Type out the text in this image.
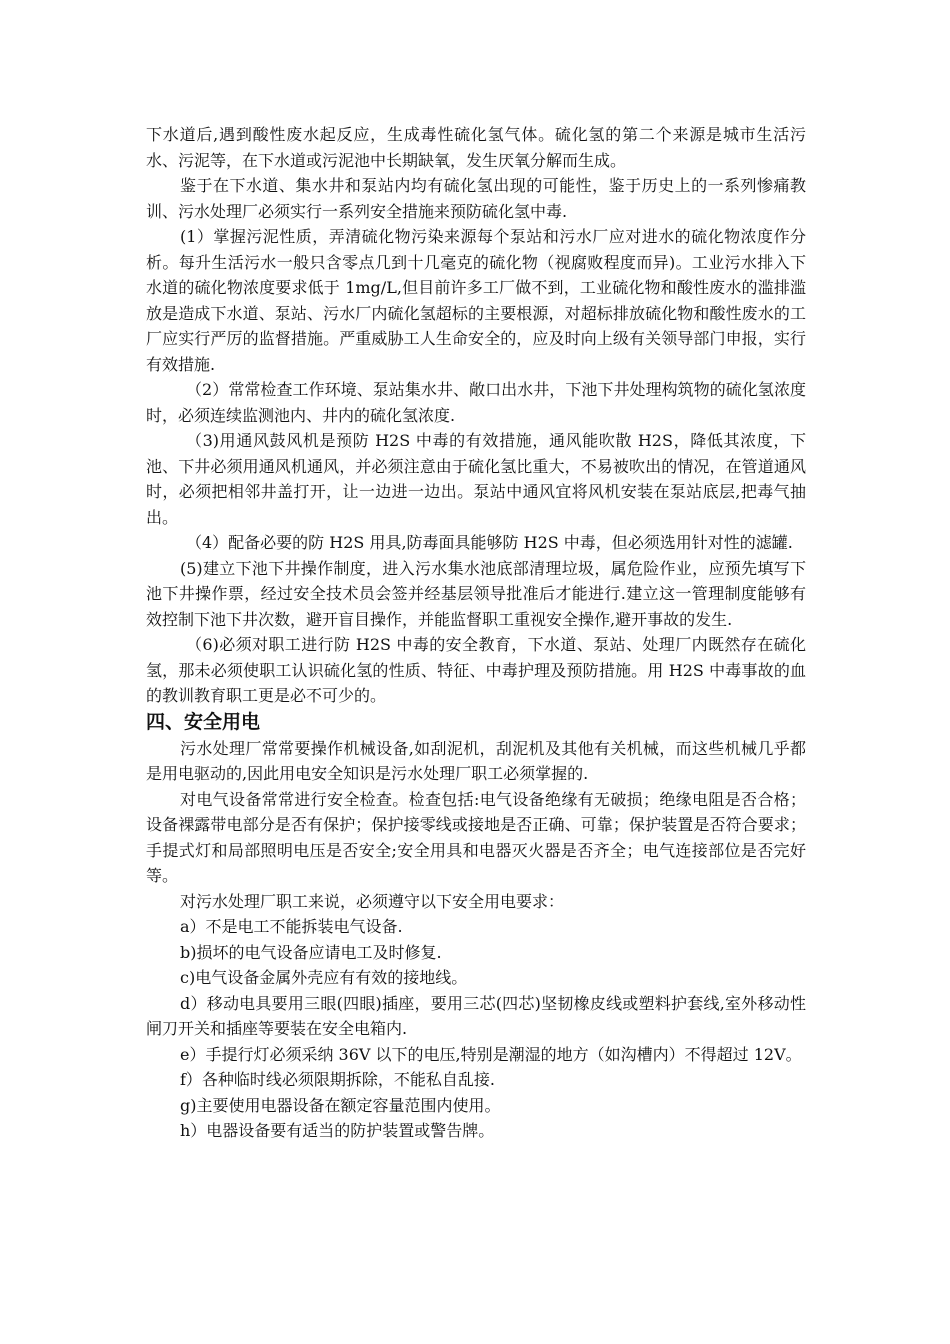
下水道后,遇到酸性废水起反应，生成毒性硫化氢气体。硫化氢的第二个来源是城市生活污水、污泥等，在下水道或污泥池中长期缺氧，发生厌氧分解而生成。

鉴于在下水道、集水井和泵站内均有硫化氢出现的可能性，鉴于历史上的一系列惨痛教训、污水处理厂必须实行一系列安全措施来预防硫化氢中毒.

(1）掌握污泥性质，弄清硫化物污染来源每个泵站和污水厂应对进水的硫化物浓度作分析。每升生活污水一般只含零点几到十几毫克的硫化物（视腐败程度而异)。工业污水排入下水道的硫化物浓度要求低于 1mg/L,但目前许多工厂做不到，工业硫化物和酸性废水的滥排滥放是造成下水道、泵站、污水厂内硫化氢超标的主要根源，对超标排放硫化物和酸性废水的工厂应实行严厉的监督措施。严重威胁工人生命安全的，应及时向上级有关领导部门申报，实行有效措施.

（2）常常检查工作环境、泵站集水井、敞口出水井，下池下井处理构筑物的硫化氢浓度时，必须连续监测池内、井内的硫化氢浓度.

（3)用通风鼓风机是预防 H2S 中毒的有效措施，通风能吹散 H2S，降低其浓度，下池、下井必须用通风机通风，并必须注意由于硫化氢比重大，不易被吹出的情况，在管道通风时，必须把相邻井盖打开，让一边进一边出。泵站中通风宜将风机安装在泵站底层,把毒气抽出。

（4）配备必要的防 H2S 用具,防毒面具能够防 H2S 中毒，但必须选用针对性的滤罐.

(5)建立下池下井操作制度，进入污水集水池底部清理垃圾，属危险作业，应预先填写下池下井操作票，经过安全技术员会签并经基层领导批准后才能进行.建立这一管理制度能够有效控制下池下井次数，避开盲目操作，并能监督职工重视安全操作,避开事故的发生.

（6)必须对职工进行防 H2S 中毒的安全教育，下水道、泵站、处理厂内既然存在硫化氢，那未必须使职工认识硫化氢的性质、特征、中毒护理及预防措施。用 H2S 中毒事故的血的教训教育职工更是必不可少的。

四、安全用电

污水处理厂常常要操作机械设备,如刮泥机，刮泥机及其他有关机械，而这些机械几乎都是用电驱动的,因此用电安全知识是污水处理厂职工必须掌握的.

对电气设备常常进行安全检查。检查包括:电气设备绝缘有无破损；绝缘电阻是否合格；设备裸露带电部分是否有保护；保护接零线或接地是否正确、可靠；保护装置是否符合要求；手提式灯和局部照明电压是否安全;安全用具和电器灭火器是否齐全；电气连接部位是否完好等。

对污水处理厂职工来说，必须遵守以下安全用电要求：

a）不是电工不能拆装电气设备.

b)损坏的电气设备应请电工及时修复.

c)电气设备金属外壳应有有效的接地线。

d）移动电具要用三眼(四眼)插座，要用三芯(四芯)坚韧橡皮线或塑料护套线,室外移动性闸刀开关和插座等要装在安全电箱内.

e）手提行灯必须采纳 36V 以下的电压,特别是潮湿的地方（如沟槽内）不得超过 12V。

f）各种临时线必须限期拆除，不能私自乱接.

g)主要使用电器设备在额定容量范围内使用。

h）电器设备要有适当的防护装置或警告牌。
